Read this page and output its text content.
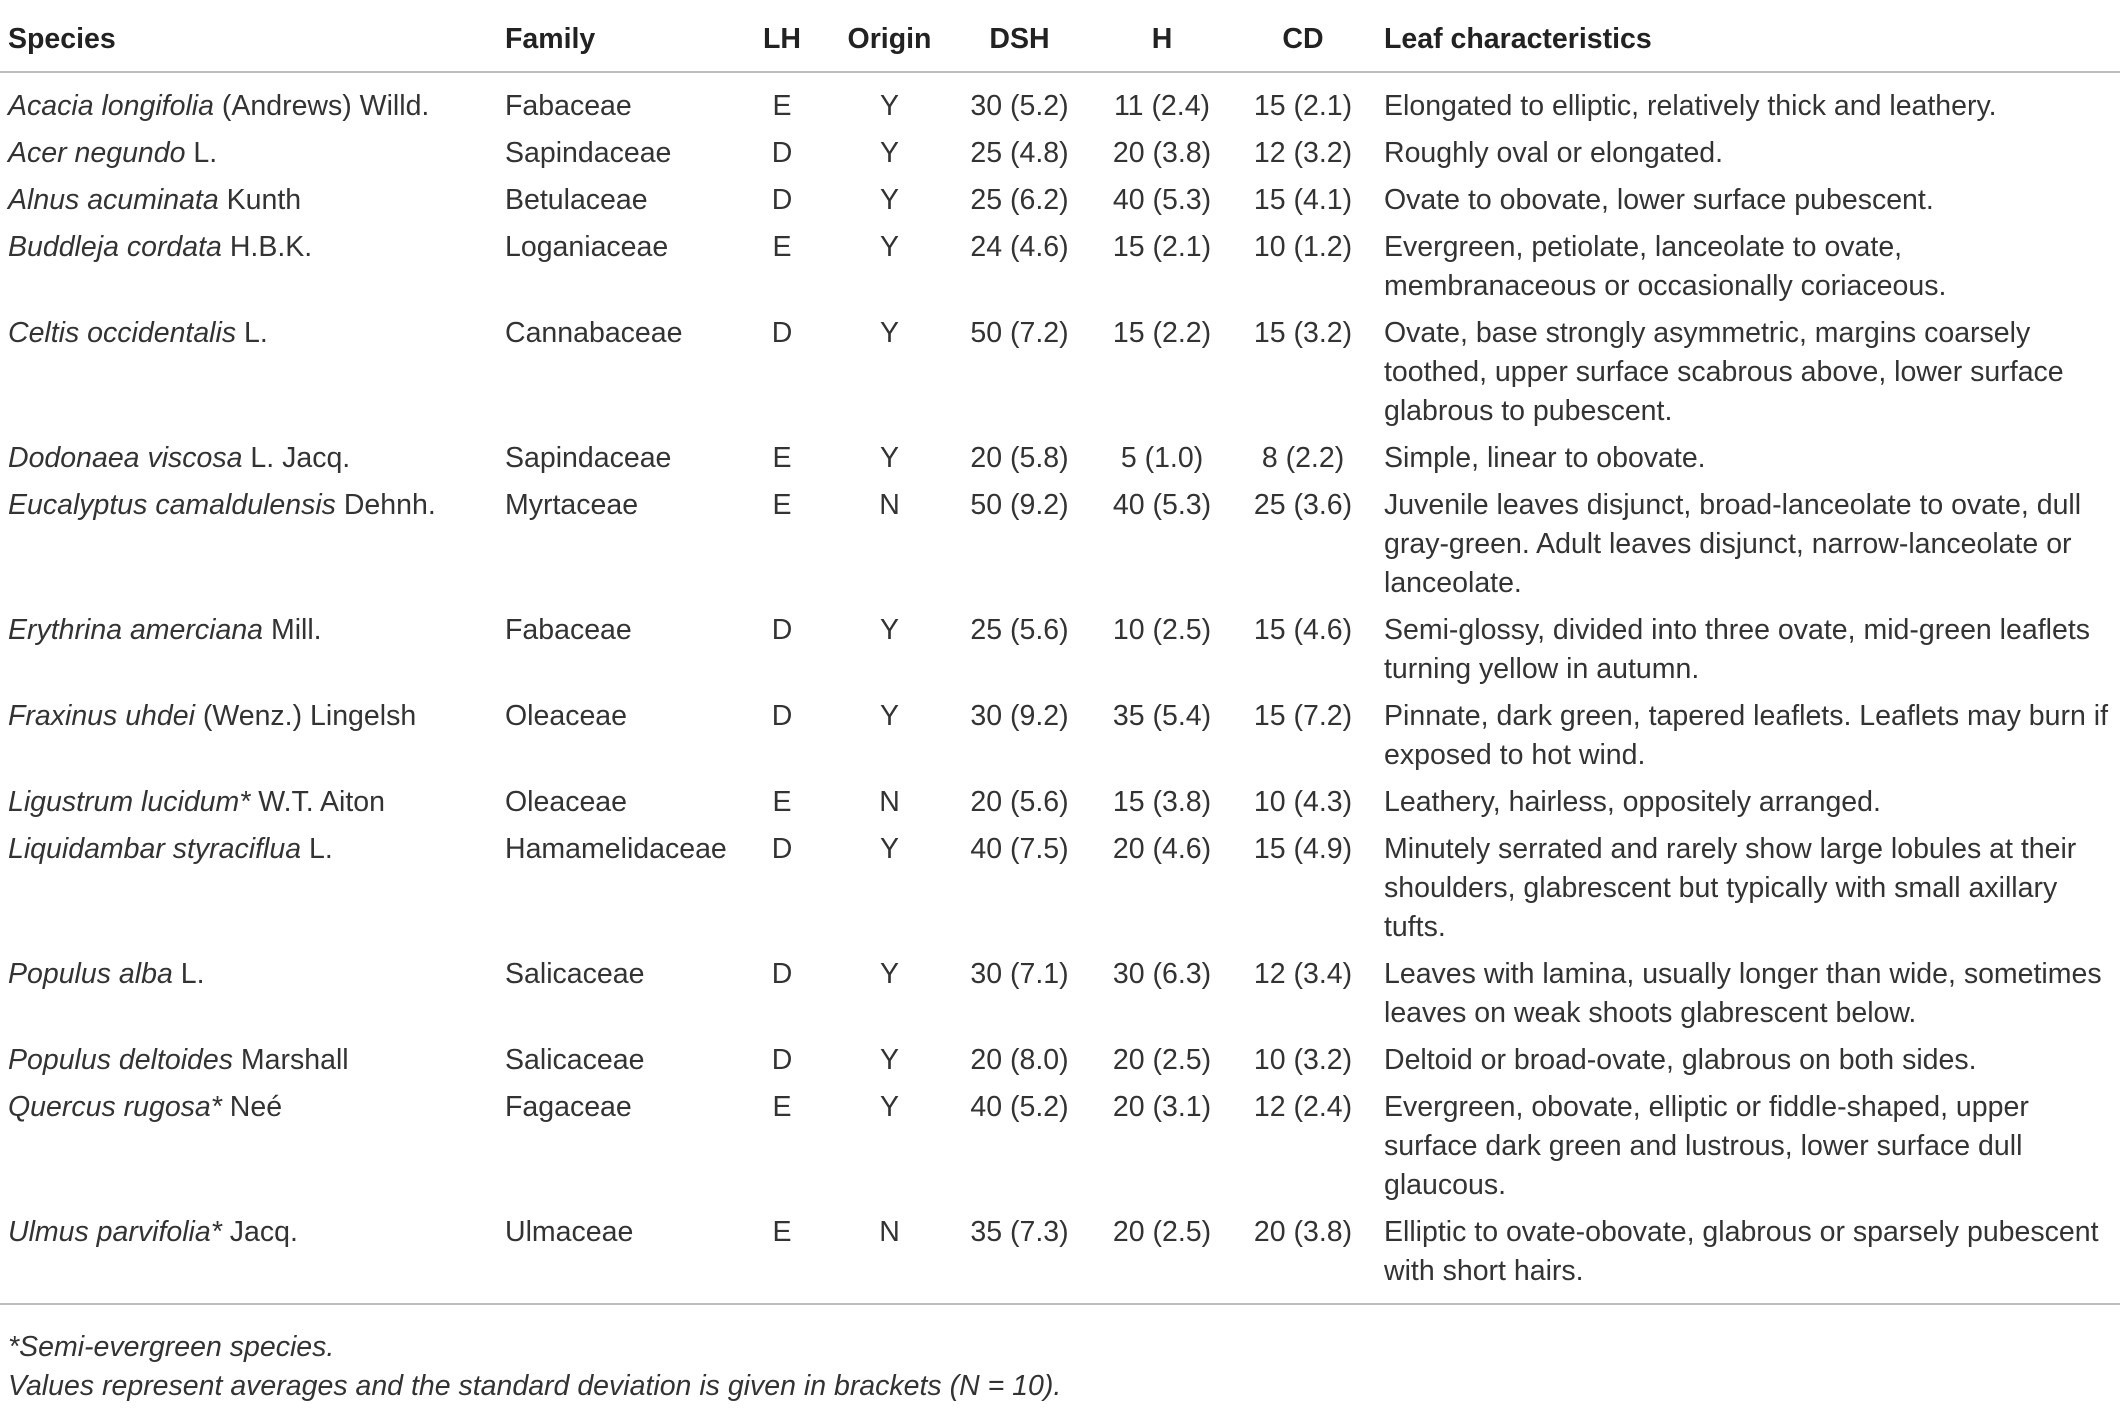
Species	Family	LH	Origin	DSH	H	CD	Leaf characteristics
Acacia longifolia (Andrews) Willd.	Fabaceae	E	Y	30 (5.2)	11 (2.4)	15 (2.1)	Elongated to elliptic, relatively thick and leathery.
Acer negundo L.	Sapindaceae	D	Y	25 (4.8)	20 (3.8)	12 (3.2)	Roughly oval or elongated.
Alnus acuminata Kunth	Betulaceae	D	Y	25 (6.2)	40 (5.3)	15 (4.1)	Ovate to obovate, lower surface pubescent.
Buddleja cordata H.B.K.	Loganiaceae	E	Y	24 (4.6)	15 (2.1)	10 (1.2)	Evergreen, petiolate, lanceolate to ovate, membranaceous or occasionally coriaceous.
Celtis occidentalis L.	Cannabaceae	D	Y	50 (7.2)	15 (2.2)	15 (3.2)	Ovate, base strongly asymmetric, margins coarsely toothed, upper surface scabrous above, lower surface glabrous to pubescent.
Dodonaea viscosa L. Jacq.	Sapindaceae	E	Y	20 (5.8)	5 (1.0)	8 (2.2)	Simple, linear to obovate.
Eucalyptus camaldulensis Dehnh.	Myrtaceae	E	N	50 (9.2)	40 (5.3)	25 (3.6)	Juvenile leaves disjunct, broad-lanceolate to ovate, dull gray-green. Adult leaves disjunct, narrow-lanceolate or lanceolate.
Erythrina amerciana Mill.	Fabaceae	D	Y	25 (5.6)	10 (2.5)	15 (4.6)	Semi-glossy, divided into three ovate, mid-green leaflets turning yellow in autumn.
Fraxinus uhdei (Wenz.) Lingelsh	Oleaceae	D	Y	30 (9.2)	35 (5.4)	15 (7.2)	Pinnate, dark green, tapered leaflets. Leaflets may burn if exposed to hot wind.
Ligustrum lucidum* W.T. Aiton	Oleaceae	E	N	20 (5.6)	15 (3.8)	10 (4.3)	Leathery, hairless, oppositely arranged.
Liquidambar styraciflua L.	Hamamelidaceae	D	Y	40 (7.5)	20 (4.6)	15 (4.9)	Minutely serrated and rarely show large lobules at their shoulders, glabrescent but typically with small axillary tufts.
Populus alba L.	Salicaceae	D	Y	30 (7.1)	30 (6.3)	12 (3.4)	Leaves with lamina, usually longer than wide, sometimes leaves on weak shoots glabrescent below.
Populus deltoides Marshall	Salicaceae	D	Y	20 (8.0)	20 (2.5)	10 (3.2)	Deltoid or broad-ovate, glabrous on both sides.
Quercus rugosa* Neé	Fagaceae	E	Y	40 (5.2)	20 (3.1)	12 (2.4)	Evergreen, obovate, elliptic or fiddle-shaped, upper surface dark green and lustrous, lower surface dull glaucous.
Ulmus parvifolia* Jacq.	Ulmaceae	E	N	35 (7.3)	20 (2.5)	20 (3.8)	Elliptic to ovate-obovate, glabrous or sparsely pubescent with short hairs.

*Semi-evergreen species.

Values represent averages and the standard deviation is given in brackets (N = 10).
